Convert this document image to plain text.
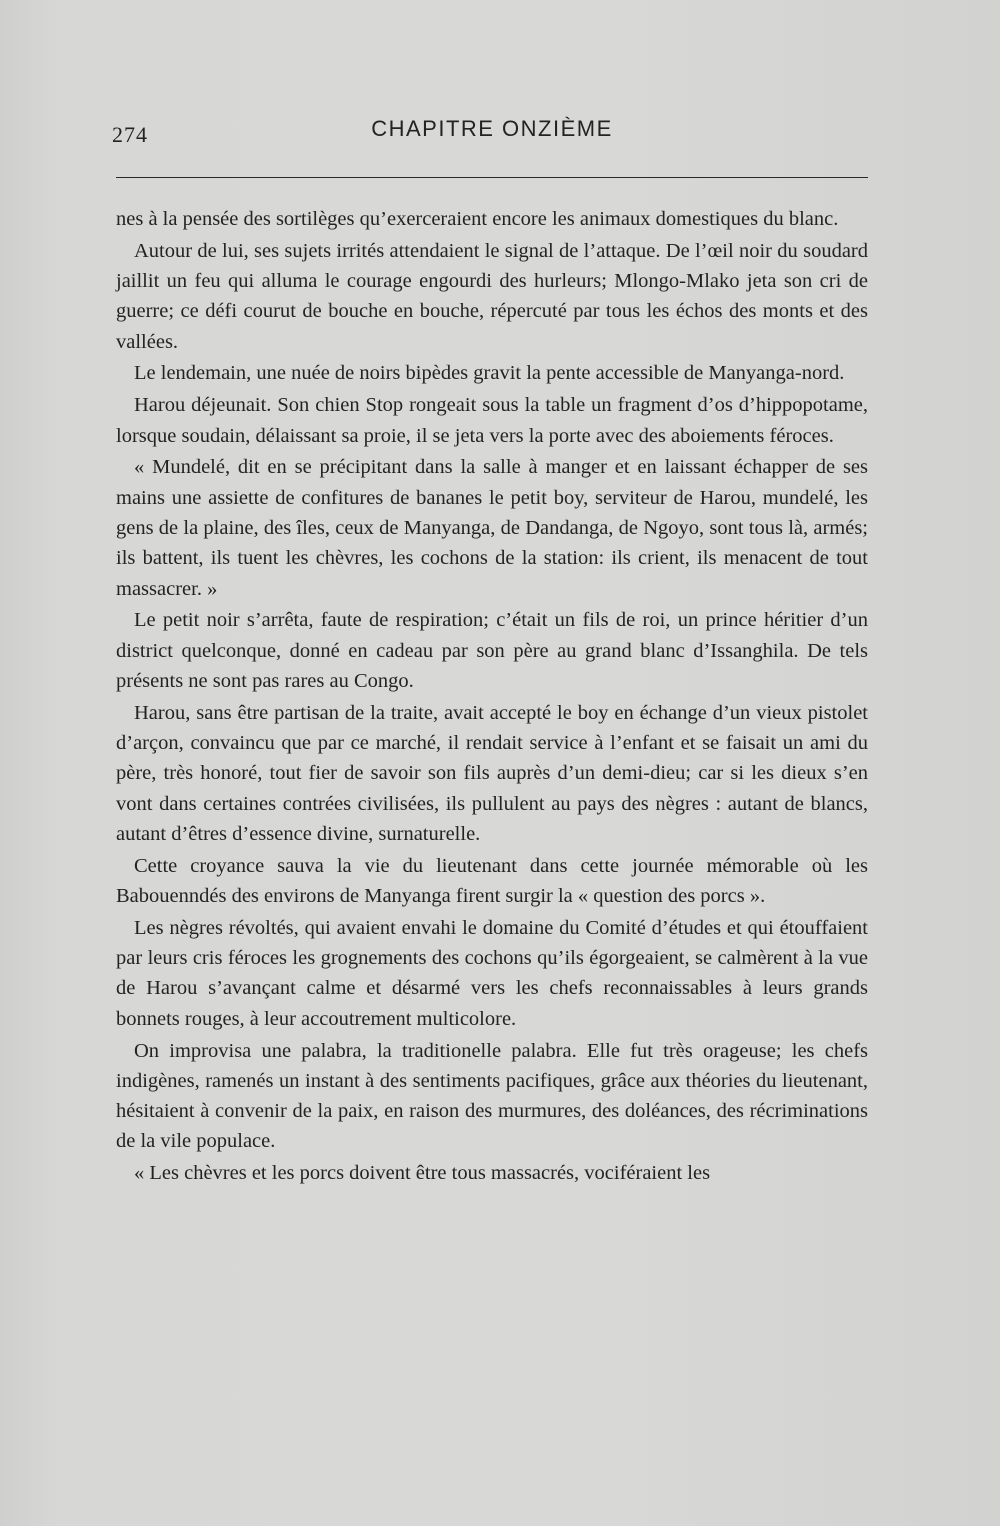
274	CHAPITRE ONZIÈME

nes à la pensée des sortilèges qu’exerceraient encore les animaux domestiques du blanc.

Autour de lui, ses sujets irrités attendaient le signal de l’attaque. De l’œil noir du soudard jaillit un feu qui alluma le courage engourdi des hurleurs; Mlongo-Mlako jeta son cri de guerre; ce défi courut de bouche en bouche, répercuté par tous les échos des monts et des vallées.

Le lendemain, une nuée de noirs bipèdes gravit la pente accessible de Manyanga-nord.

Harou déjeunait. Son chien Stop rongeait sous la table un fragment d’os d’hippopotame, lorsque soudain, délaissant sa proie, il se jeta vers la porte avec des aboiements féroces.

« Mundelé, dit en se précipitant dans la salle à manger et en laissant échapper de ses mains une assiette de confitures de bananes le petit boy, serviteur de Harou, mundelé, les gens de la plaine, des îles, ceux de Manyanga, de Dandanga, de Ngoyo, sont tous là, armés; ils battent, ils tuent les chèvres, les cochons de la station: ils crient, ils menacent de tout massacrer. »

Le petit noir s’arrêta, faute de respiration; c’était un fils de roi, un prince héritier d’un district quelconque, donné en cadeau par son père au grand blanc d’Issanghila. De tels présents ne sont pas rares au Congo.

Harou, sans être partisan de la traite, avait accepté le boy en échange d’un vieux pistolet d’arçon, convaincu que par ce marché, il rendait service à l’enfant et se faisait un ami du père, très honoré, tout fier de savoir son fils auprès d’un demi-dieu; car si les dieux s’en vont dans certaines contrées civilisées, ils pullulent au pays des nègres : autant de blancs, autant d’êtres d’essence divine, surnaturelle.

Cette croyance sauva la vie du lieutenant dans cette journée mémorable où les Babouenndés des environs de Manyanga firent surgir la « question des porcs ».

Les nègres révoltés, qui avaient envahi le domaine du Comité d’études et qui étouffaient par leurs cris féroces les grognements des cochons qu’ils égorgeaient, se calmèrent à la vue de Harou s’avançant calme et désarmé vers les chefs reconnaissables à leurs grands bonnets rouges, à leur accoutrement multicolore.

On improvisa une palabra, la traditionelle palabra. Elle fut très orageuse; les chefs indigènes, ramenés un instant à des sentiments pacifiques, grâce aux théories du lieutenant, hésitaient à convenir de la paix, en raison des murmures, des doléances, des récriminations de la vile populace.

« Les chèvres et les porcs doivent être tous massacrés, vociféraient les
